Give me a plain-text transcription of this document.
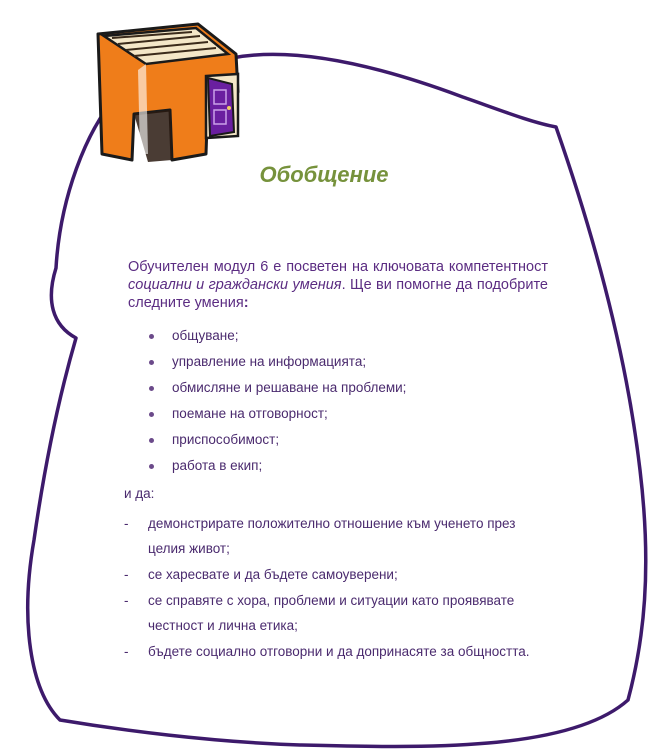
Обобщение
Обучителен модул 6 е посветен на ключовата компетентност социални и граждански умения. Ще ви помогне да подобрите следните умения:
общуване;
управление на информацията;
обмисляне и решаване на проблеми;
поемане на отговорност;
приспособимост;
работа в екип;
и да:
- демонстрирате положително отношение към ученето през целия живот;
- се харесвате и да бъдете самоуверени;
- се справяте с хора, проблеми и ситуации като проявявате честност и лична етика;
- бъдете социално отговорни и да допринасяте за общността.
